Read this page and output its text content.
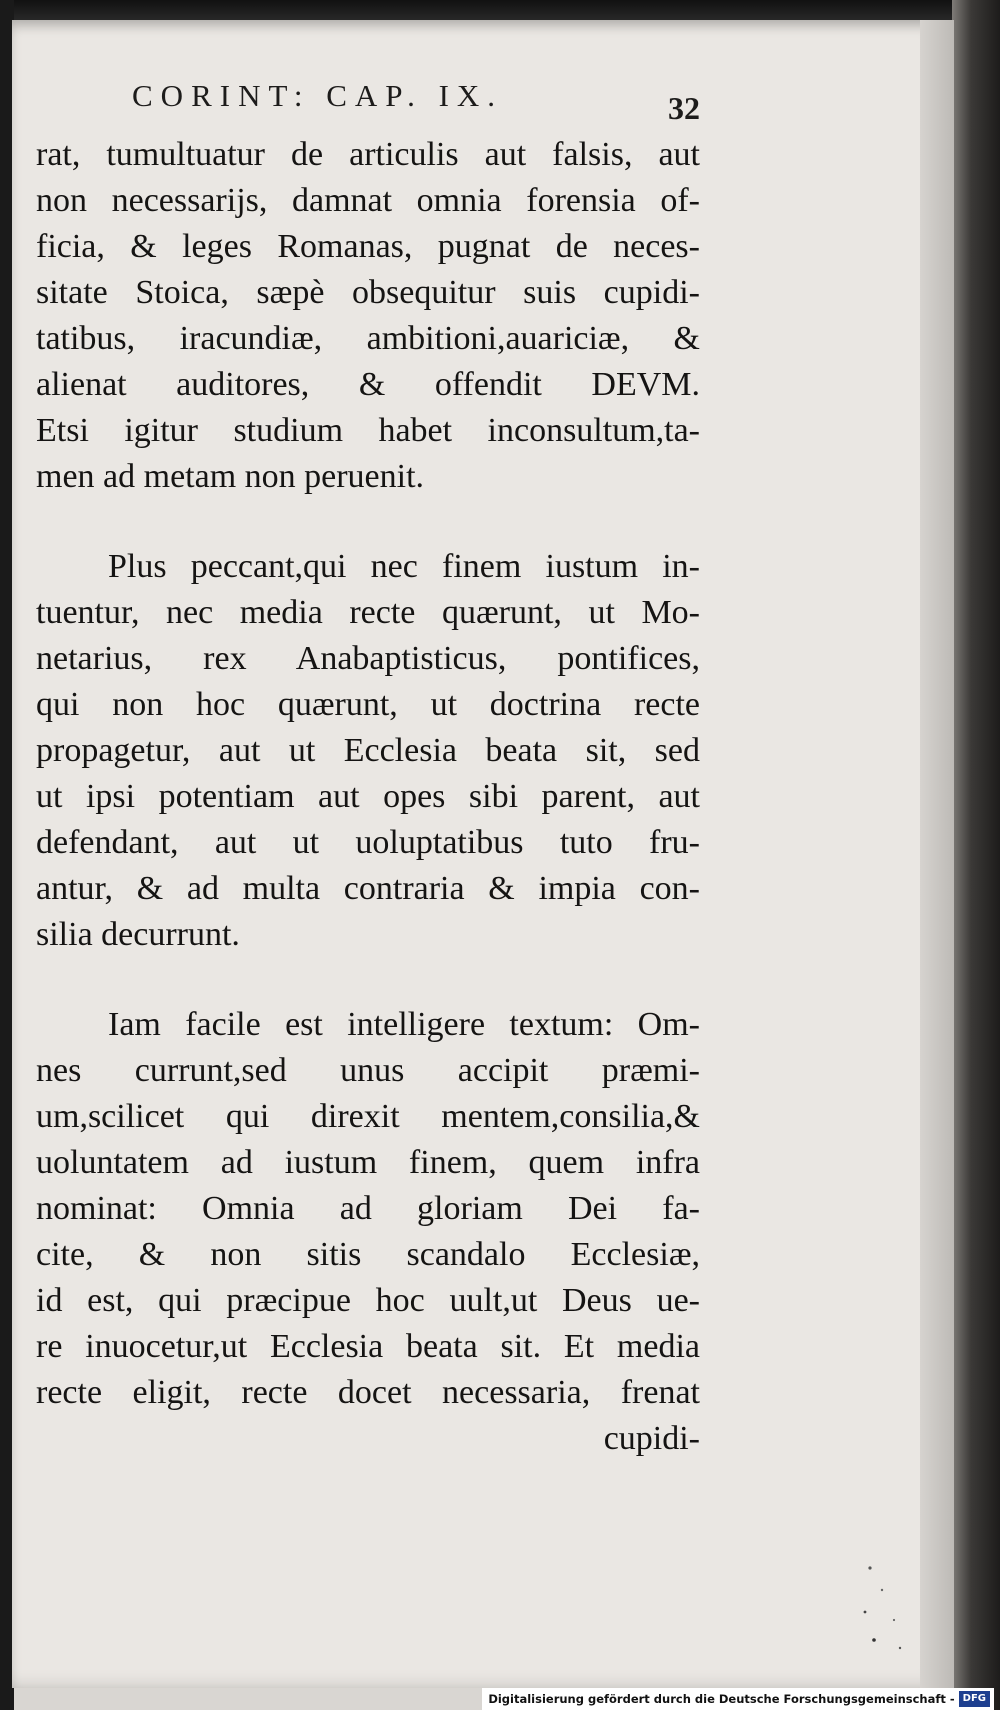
CORINT: CAP. IX.	32
rat, tumultuatur de articulis aut falsis, aut
non necessarijs, damnat omnia forensia of-
ficia, & leges Romanas, pugnat de neces-
sitate Stoica, sæpè obsequitur suis cupidi-
tatibus, iracundiæ, ambitioni,auariciæ, &
alienat auditores, & offendit DEVM.
Etsi igitur studium habet inconsultum,ta-
men ad metam non peruenit.
Plus peccant,qui nec finem iustum in-
tuentur, nec media recte quærunt, ut Mo-
netarius, rex Anabaptisticus, pontifices,
qui non hoc quærunt, ut doctrina recte
propagetur, aut ut Ecclesia beata sit, sed
ut ipsi potentiam aut opes sibi parent, aut
defendant, aut ut uoluptatibus tuto fru-
antur, & ad multa contraria & impia con-
silia decurrunt.
Iam facile est intelligere textum: Om-
nes currunt,sed unus accipit præmi-
um,scilicet qui direxit mentem,consilia,&
uoluntatem ad iustum finem, quem infra
nominat: Omnia ad gloriam Dei fa-
cite, & non sitis scandalo Ecclesiæ,
id est, qui præcipue hoc uult,ut Deus ue-
re inuocetur,ut Ecclesia beata sit. Et media
recte eligit, recte docet necessaria, frenat
cupidi-
Digitalisierung gefördert durch die Deutsche Forschungsgemeinschaft - DFG
